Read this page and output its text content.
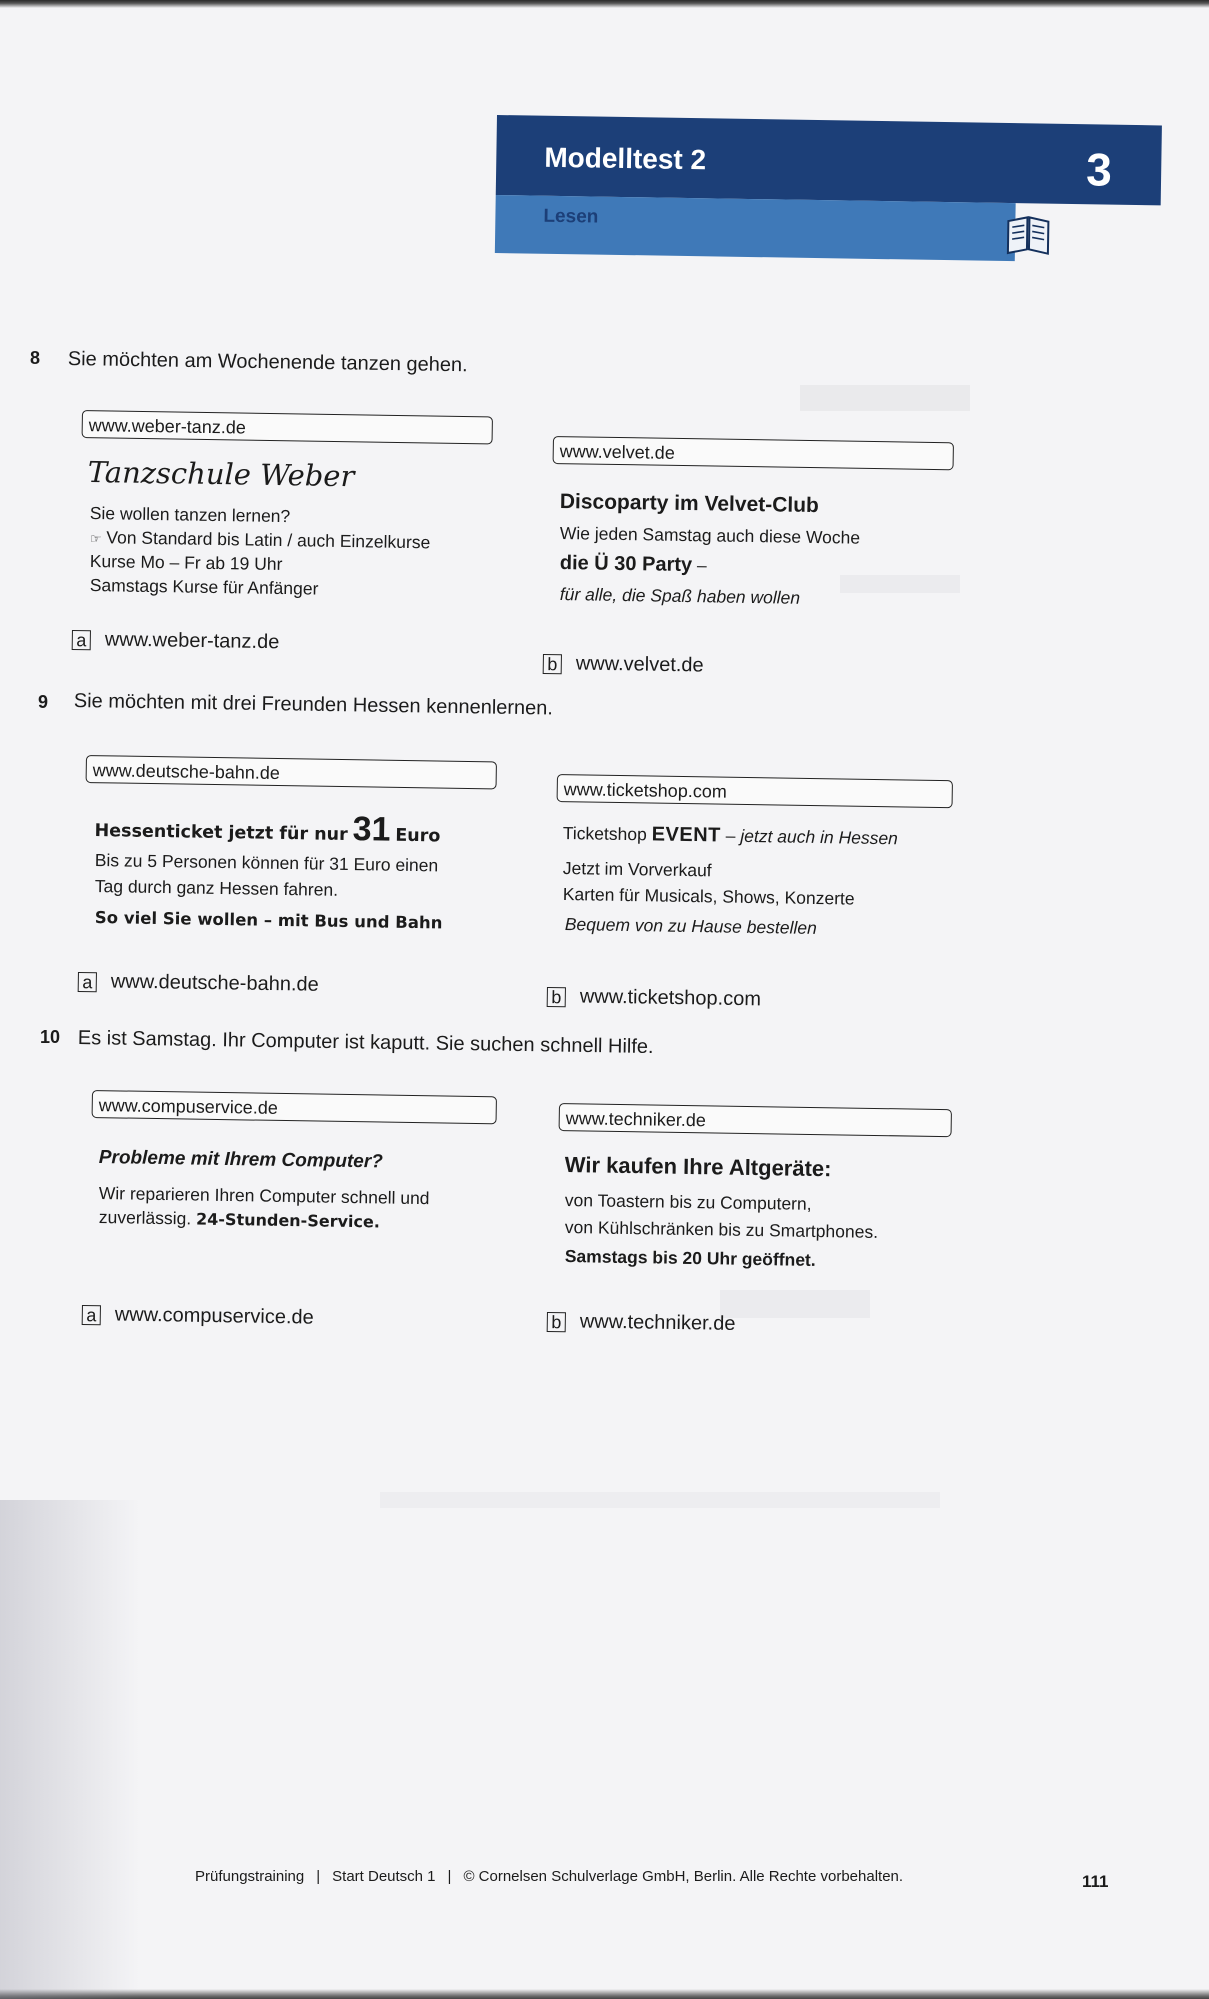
Modelltest 2
Lesen
3
8 Sie möchten am Wochenende tanzen gehen.
www.weber-tanz.de
Tanzschule Weber
Sie wollen tanzen lernen?
☞ Von Standard bis Latin / auch Einzelkurse
Kurse Mo – Fr ab 19 Uhr
Samstags Kurse für Anfänger
a www.weber-tanz.de
www.velvet.de
Discoparty im Velvet-Club
Wie jeden Samstag auch diese Woche
die Ü 30 Party –
für alle, die Spaß haben wollen
b www.velvet.de
9 Sie möchten mit drei Freunden Hessen kennenlernen.
www.deutsche-bahn.de
Hessenticket jetzt für nur 31 Euro
Bis zu 5 Personen können für 31 Euro einen
Tag durch ganz Hessen fahren.
So viel Sie wollen – mit Bus und Bahn
a www.deutsche-bahn.de
www.ticketshop.com
Ticketshop EVENT – jetzt auch in Hessen
Jetzt im Vorverkauf
Karten für Musicals, Shows, Konzerte
Bequem von zu Hause bestellen
b www.ticketshop.com
10 Es ist Samstag. Ihr Computer ist kaputt. Sie suchen schnell Hilfe.
www.compuservice.de
Probleme mit Ihrem Computer?
Wir reparieren Ihren Computer schnell und
zuverlässig. 24-Stunden-Service.
a www.compuservice.de
www.techniker.de
Wir kaufen Ihre Altgeräte:
von Toastern bis zu Computern,
von Kühlschränken bis zu Smartphones.
Samstags bis 20 Uhr geöffnet.
b www.techniker.de
Prüfungstraining | Start Deutsch 1 | © Cornelsen Schulverlage GmbH, Berlin. Alle Rechte vorbehalten.	111
